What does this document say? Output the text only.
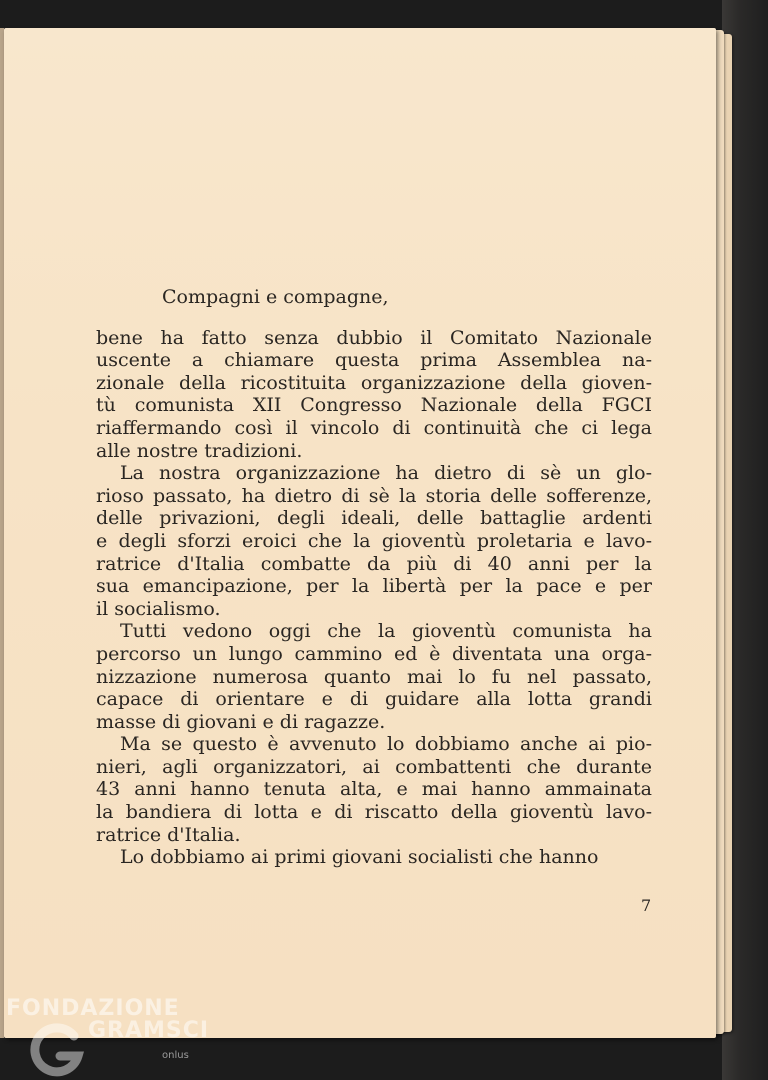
Compagni e compagne,
bene ha fatto senza dubbio il Comitato Nazionale
uscente a chiamare questa prima Assemblea na-
zionale della ricostituita organizzazione della gioven-
tù comunista XII Congresso Nazionale della FGCI
riaffermando così il vincolo di continuità che ci lega
alle nostre tradizioni.
La nostra organizzazione ha dietro di sè un glo-
rioso passato, ha dietro di sè la storia delle sofferenze,
delle privazioni, degli ideali, delle battaglie ardenti
e degli sforzi eroici che la gioventù proletaria e lavo-
ratrice d'Italia combatte da più di 40 anni per la
sua emancipazione, per la libertà per la pace e per
il socialismo.
Tutti vedono oggi che la gioventù comunista ha
percorso un lungo cammino ed è diventata una orga-
nizzazione numerosa quanto mai lo fu nel passato,
capace di orientare e di guidare alla lotta grandi
masse di giovani e di ragazze.
Ma se questo è avvenuto lo dobbiamo anche ai pio-
nieri, agli organizzatori, ai combattenti che durante
43 anni hanno tenuta alta, e mai hanno ammainata
la bandiera di lotta e di riscatto della gioventù lavo-
ratrice d'Italia.
Lo dobbiamo ai primi giovani socialisti che hanno
7
FONDAZIONE
GRAMSCI
onlus
